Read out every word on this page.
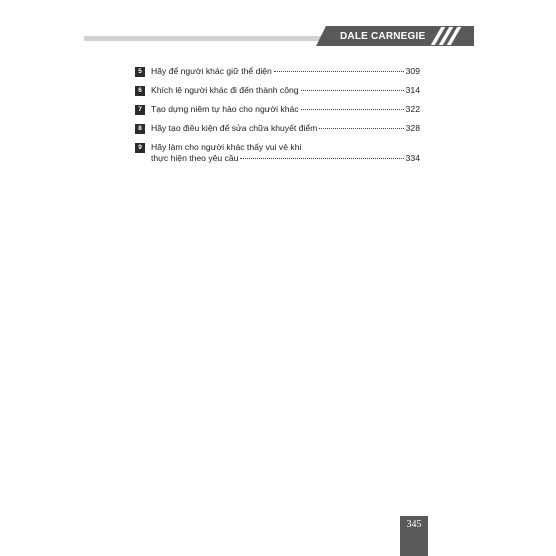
DALE CARNEGIE
5	Hãy để người khác giữ thể diện	309
6	Khích lệ người khác đi đến thành công	314
7	Tạo dựng niềm tự hào cho người khác	322
8	Hãy tạo điều kiện để sửa chữa khuyết điểm	328
9	Hãy làm cho người khác thấy vui vẻ khi
thực hiện theo yêu cầu	334
345
